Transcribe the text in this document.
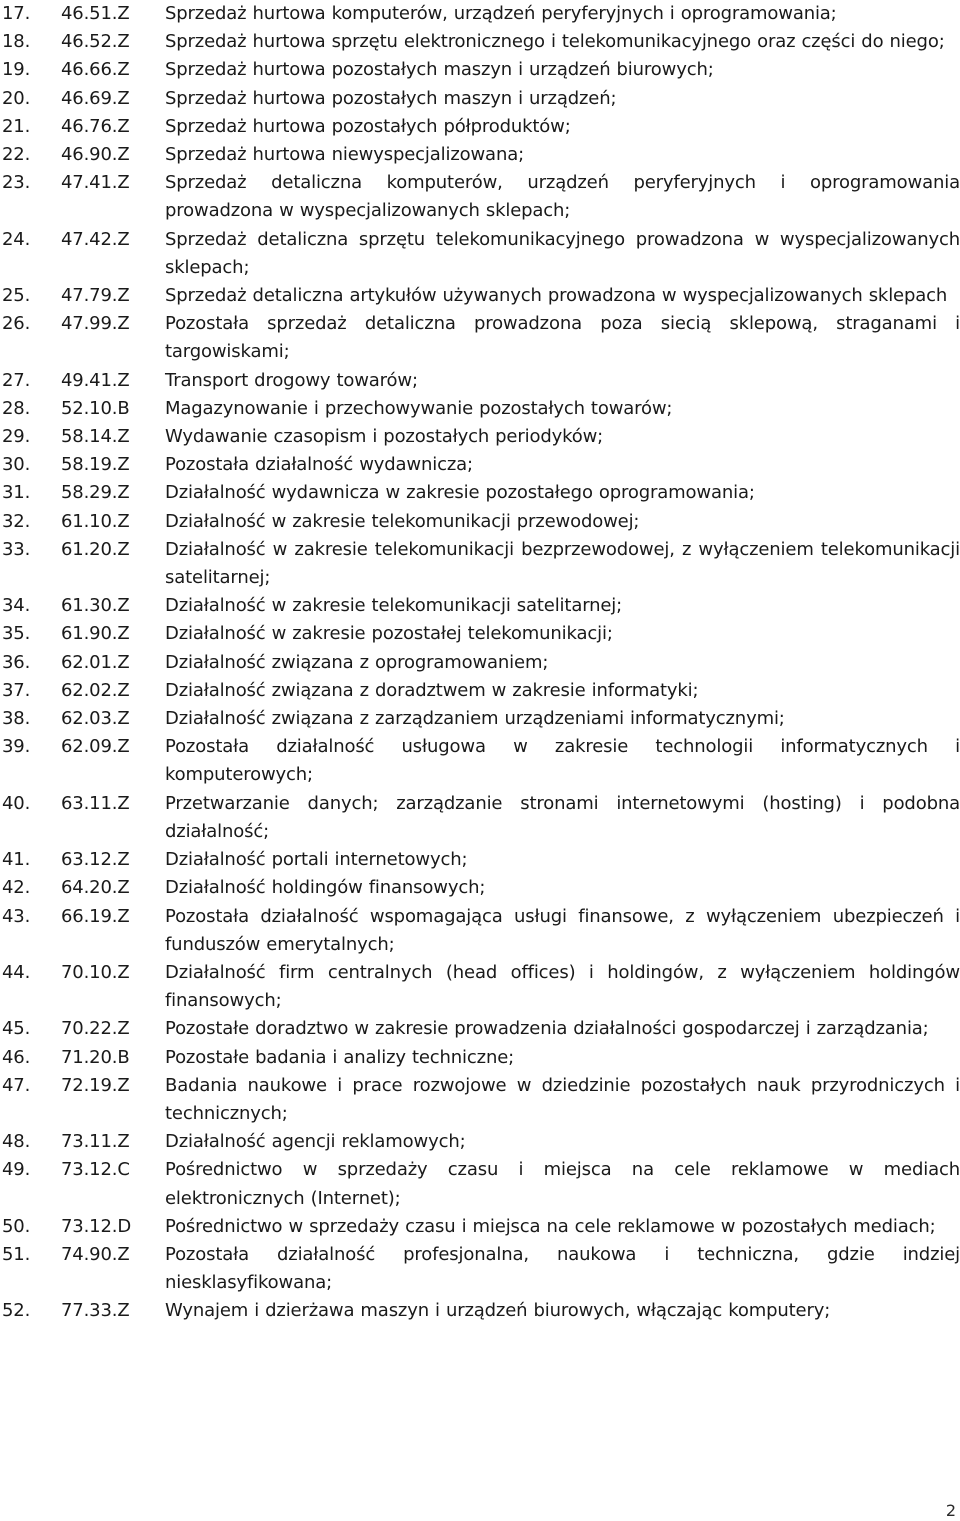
17.	46.51.Z	Sprzedaż hurtowa komputerów, urządzeń peryferyjnych i oprogramowania;
18.	46.52.Z	Sprzedaż hurtowa sprzętu elektronicznego i telekomunikacyjnego oraz części do niego;
19.	46.66.Z	Sprzedaż hurtowa pozostałych maszyn i urządzeń biurowych;
20.	46.69.Z	Sprzedaż hurtowa pozostałych maszyn i urządzeń;
21.	46.76.Z	Sprzedaż hurtowa pozostałych półproduktów;
22.	46.90.Z	Sprzedaż hurtowa niewyspecjalizowana;
23.	47.41.Z	Sprzedaż detaliczna komputerów, urządzeń peryferyjnych i oprogramowania prowadzona w wyspecjalizowanych sklepach;
24.	47.42.Z	Sprzedaż detaliczna sprzętu telekomunikacyjnego prowadzona w wyspecjalizowanych sklepach;
25.	47.79.Z	Sprzedaż detaliczna artykułów używanych prowadzona w wyspecjalizowanych sklepach
26.	47.99.Z	Pozostała sprzedaż detaliczna prowadzona poza siecią sklepową, straganami i targowiskami;
27.	49.41.Z	Transport drogowy towarów;
28.	52.10.B	Magazynowanie i przechowywanie pozostałych towarów;
29.	58.14.Z	Wydawanie czasopism i pozostałych periodyków;
30.	58.19.Z	Pozostała działalność wydawnicza;
31.	58.29.Z	Działalność wydawnicza w zakresie pozostałego oprogramowania;
32.	61.10.Z	Działalność w zakresie telekomunikacji przewodowej;
33.	61.20.Z	Działalność w zakresie telekomunikacji bezprzewodowej, z wyłączeniem telekomunikacji satelitarnej;
34.	61.30.Z	Działalność w zakresie telekomunikacji satelitarnej;
35.	61.90.Z	Działalność w zakresie pozostałej telekomunikacji;
36.	62.01.Z	Działalność związana z oprogramowaniem;
37.	62.02.Z	Działalność związana z doradztwem w zakresie informatyki;
38.	62.03.Z	Działalność związana z zarządzaniem urządzeniami informatycznymi;
39.	62.09.Z	Pozostała działalność usługowa w zakresie technologii informatycznych i komputerowych;
40.	63.11.Z	Przetwarzanie danych; zarządzanie stronami internetowymi (hosting) i podobna działalność;
41.	63.12.Z	Działalność portali internetowych;
42.	64.20.Z	Działalność holdingów finansowych;
43.	66.19.Z	Pozostała działalność wspomagająca usługi finansowe, z wyłączeniem ubezpieczeń i funduszów emerytalnych;
44.	70.10.Z	Działalność firm centralnych (head offices) i holdingów, z wyłączeniem holdingów finansowych;
45.	70.22.Z	Pozostałe doradztwo w zakresie prowadzenia działalności gospodarczej i zarządzania;
46.	71.20.B	Pozostałe badania i analizy techniczne;
47.	72.19.Z	Badania naukowe i prace rozwojowe w dziedzinie pozostałych nauk przyrodniczych i technicznych;
48.	73.11.Z	Działalność agencji reklamowych;
49.	73.12.C	Pośrednictwo w sprzedaży czasu i miejsca na cele reklamowe w mediach elektronicznych (Internet);
50.	73.12.D	Pośrednictwo w sprzedaży czasu i miejsca na cele reklamowe w pozostałych mediach;
51.	74.90.Z	Pozostała działalność profesjonalna, naukowa i techniczna, gdzie indziej niesklasyfikowana;
52.	77.33.Z	Wynajem i dzierżawa maszyn i urządzeń biurowych, włączając komputery;
2
